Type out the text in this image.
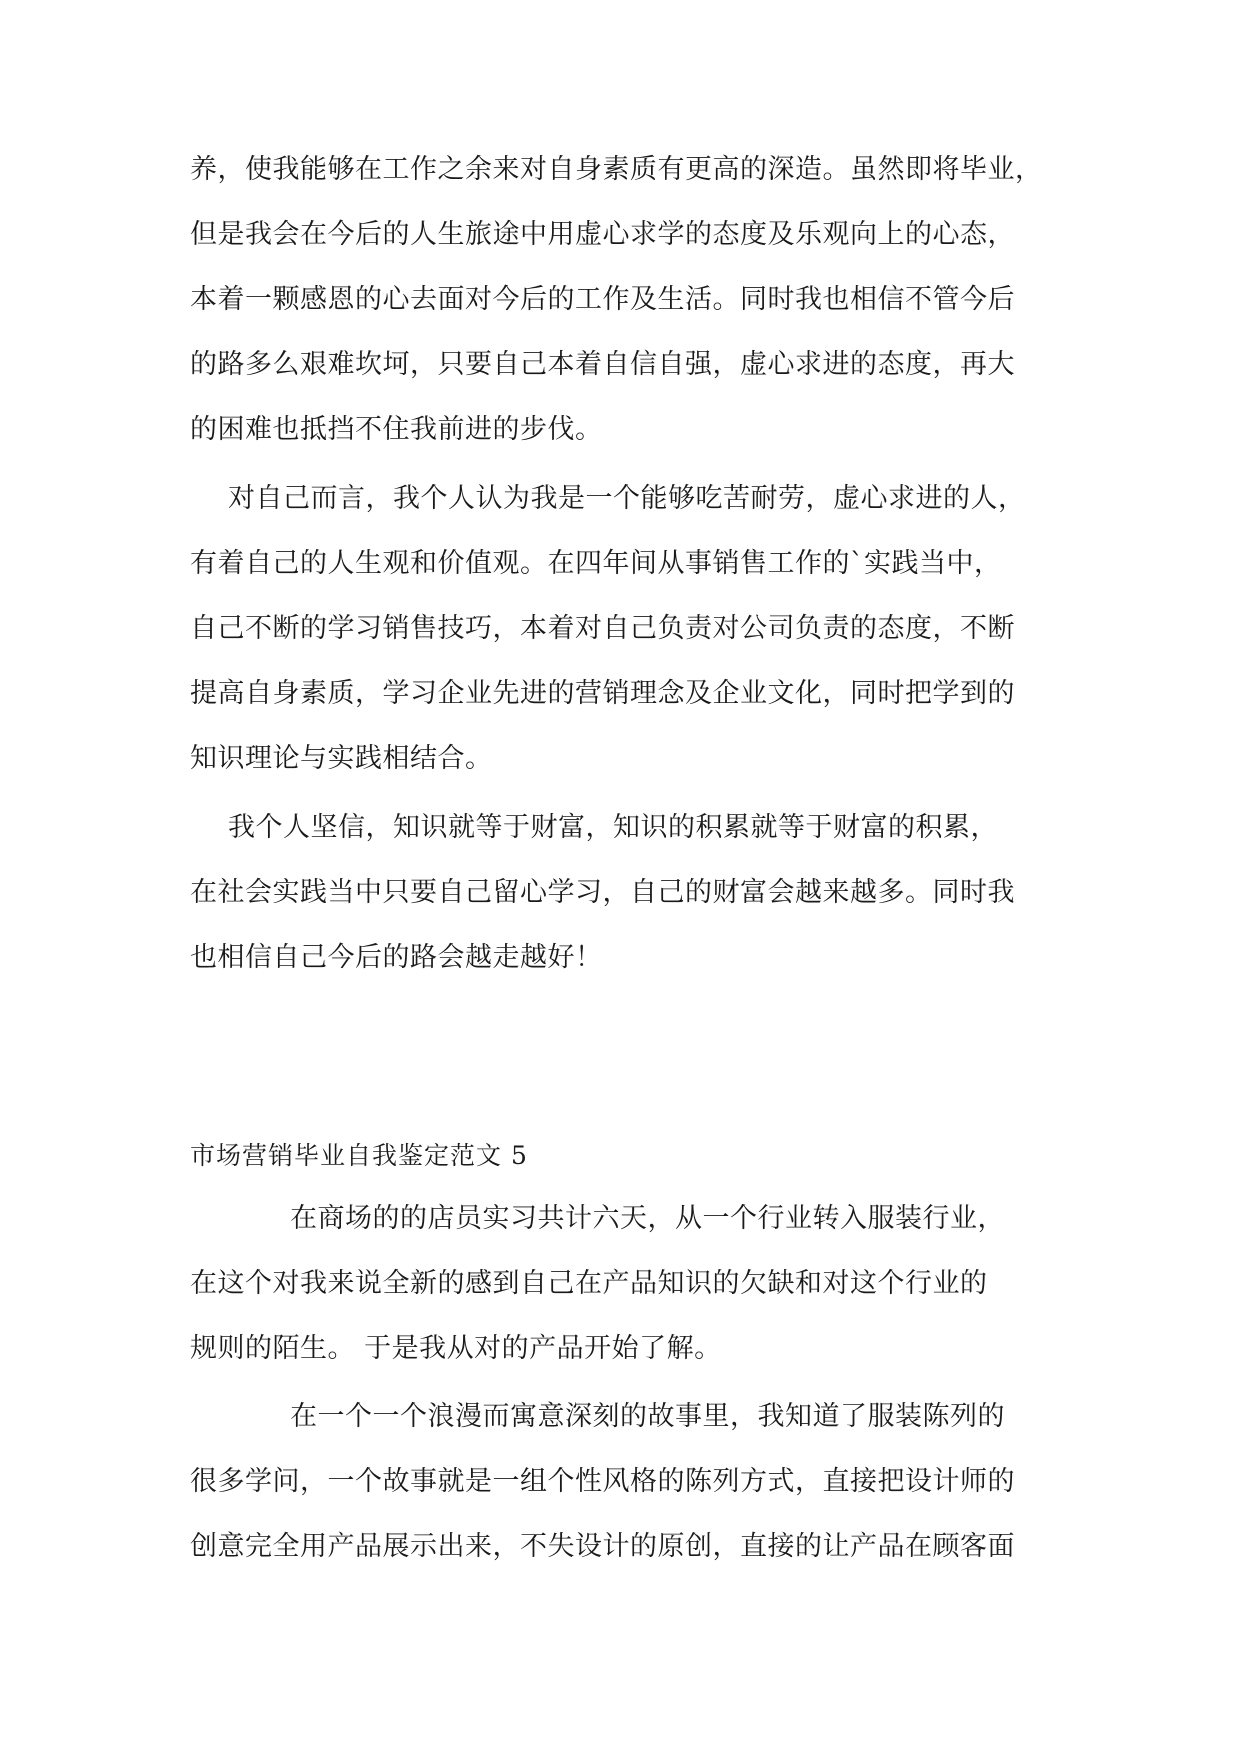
养，使我能够在工作之余来对自身素质有更高的深造。虽然即将毕业，
但是我会在今后的人生旅途中用虚心求学的态度及乐观向上的心态，
本着一颗感恩的心去面对今后的工作及生活。同时我也相信不管今后
的路多么艰难坎坷，只要自己本着自信自强，虚心求进的态度，再大
的困难也抵挡不住我前进的步伐。
对自己而言，我个人认为我是一个能够吃苦耐劳，虚心求进的人，
有着自己的人生观和价值观。在四年间从事销售工作的`实践当中，
自己不断的学习销售技巧，本着对自己负责对公司负责的态度，不断
提高自身素质，学习企业先进的营销理念及企业文化，同时把学到的
知识理论与实践相结合。
我个人坚信，知识就等于财富，知识的积累就等于财富的积累，
在社会实践当中只要自己留心学习，自己的财富会越来越多。同时我
也相信自己今后的路会越走越好！
市场营销毕业自我鉴定范文 5
在商场的的店员实习共计六天，从一个行业转入服装行业，
在这个对我来说全新的感到自己在产品知识的欠缺和对这个行业的
规则的陌生。 于是我从对的产品开始了解。
在一个一个浪漫而寓意深刻的故事里，我知道了服装陈列的
很多学问，一个故事就是一组个性风格的陈列方式，直接把设计师的
创意完全用产品展示出来，不失设计的原创，直接的让产品在顾客面
